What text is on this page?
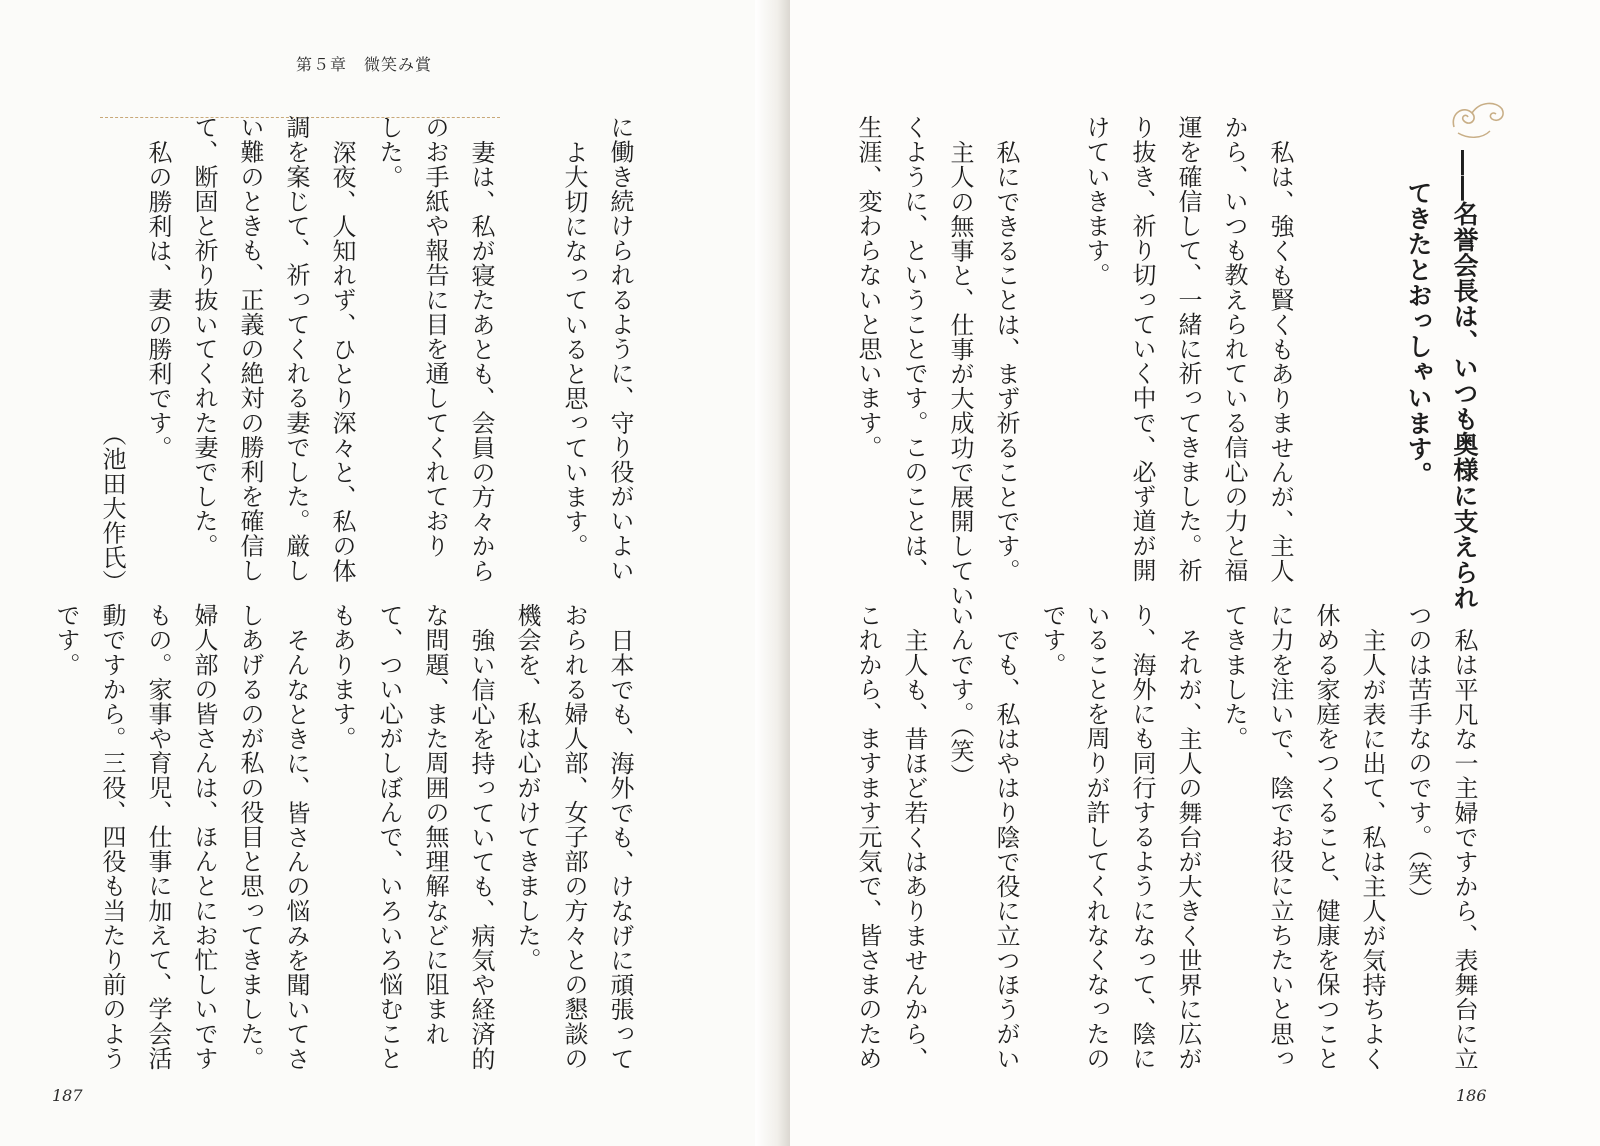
第５章　微笑み賞
に働き続けられるように、守り役がいよい
よ大切になっていると思っています。
妻は、私が寝たあとも、会員の方々から
のお手紙や報告に目を通してくれており
した。
深夜、人知れず、ひとり深々と、私の体
調を案じて、祈ってくれる妻でした。厳し
い難のときも、正義の絶対の勝利を確信し
て、断固と祈り抜いてくれた妻でした。
私の勝利は、妻の勝利です。
（池田大作氏）
日本でも、海外でも、けなげに頑張って
おられる婦人部、女子部の方々との懇談の
機会を、私は心がけてきました。
強い信心を持っていても、病気や経済的
な問題、また周囲の無理解などに阻まれ
て、つい心がしぼんで、いろいろ悩むこと
もあります。
そんなときに、皆さんの悩みを聞いてさ
しあげるのが私の役目と思ってきました。
婦人部の皆さんは、ほんとにお忙しいです
もの。家事や育児、仕事に加えて、学会活
動ですから。三役、四役も当たり前のよう
です。
187
――名誉会長は、いつも奥様に支えられ
てきたとおっしゃいます。
私は、強くも賢くもありませんが、主人
から、いつも教えられている信心の力と福
運を確信して、一緒に祈ってきました。祈
り抜き、祈り切っていく中で、必ず道が開
けていきます。
私にできることは、まず祈ることです。
主人の無事と、仕事が大成功で展開してい
くように、ということです。このことは、
生涯、変わらないと思います。
私は平凡な一主婦ですから、表舞台に立
つのは苦手なのです。（笑）
主人が表に出て、私は主人が気持ちよく
休める家庭をつくること、健康を保つこと
に力を注いで、陰でお役に立ちたいと思っ
てきました。
それが、主人の舞台が大きく世界に広が
り、海外にも同行するようになって、陰に
いることを周りが許してくれなくなったの
です。
でも、私はやはり陰で役に立つほうがい
いんです。（笑）
主人も、昔ほど若くはありませんから、
これから、ますます元気で、皆さまのため
186
